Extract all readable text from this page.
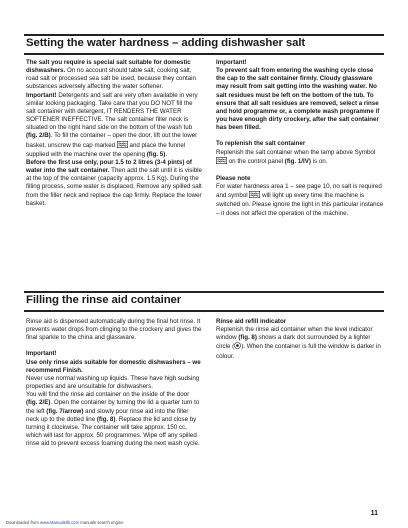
Setting the water hardness – adding dishwasher salt

The salt you require is special salt suitable for domestic dishwashers. On no account should table salt, cooking salt, road salt or processed sea salt be used, because they contain substances adversely affecting the water softener.

Important! Detergents and salt are very often available in very similar looking packaging. Take care that you DO NOT fill the salt container with detergent, IT RENDERS THE WATER SOFTENER INEFFECTIVE. The salt container filler neck is situated on the right hand side on the bottom of the wash tub (fig. 2/B). To fill the container – open the door, lift out the lower basket, unscrew the cap marked  and place the funnel supplied with the machine over the opening (fig. 5).

Before the first use only, pour 1.5 to 2 litres (3-4 pints) of water into the salt container. Then add the salt until it is visible at the top of the container (capacity approx. 1.5 Kg). During the filling process, some water is displaced. Remove any spilled salt from the filler neck and replace the cap firmly. Replace the lower basket.

Important!

To prevent salt from entering the washing cycle close the cap to the salt container firmly. Cloudy glassware may result from salt getting into the washing water. No salt residues must be left on the bottom of the tub. To ensure that all salt residues are removed, select a rinse and hold programme or, a complete wash programme if you have enough dirty crockery, after the salt container has been filled.

To replenish the salt container

Replenish the salt container when the lamp above Symbol  on the control panel (fig. 1/IV) is on.

Please note

For water hardness area 1 – see page 10, no salt is required and symbol  will light up every time the machine is switched on. Please ignore the light in this particular instance – it does not affect the operation of the machine.

Filling the rinse aid container

Rinse aid is dispensed automatically during the final hot rinse. It prevents water drops from clinging to the crockery and gives the final sparkle to the china and glassware.

Important!

Use only rinse aids suitable for domestic dishwashers – we recommend Finish.

Never use normal washing up liquids. These have high sudsing properties and are unsuitable for dishwashers.

You will find the rinse aid container on the inside of the door (fig. 2/E). Open the container by turning the lid a quarter turn to the left (fig. 7/arrow) and slowly pour rinse aid into the filler neck up to the dotted line (fig. 8). Replace the lid and close by turning it clockwise. The container will take approx. 150 cc, which will last for approx. 50 programmes. Wipe off any spilled rinse aid to prevent excess foaming during the next wash cycle.

Rinse aid refill indicator

Replenish the rinse aid container when the level indicator window (fig. 8) shows a dark dot surrounded by a lighter circle ( ). When the container is full the window is darker in colour.

11
Downloaded from www.Manualslib.com manuals search engine
